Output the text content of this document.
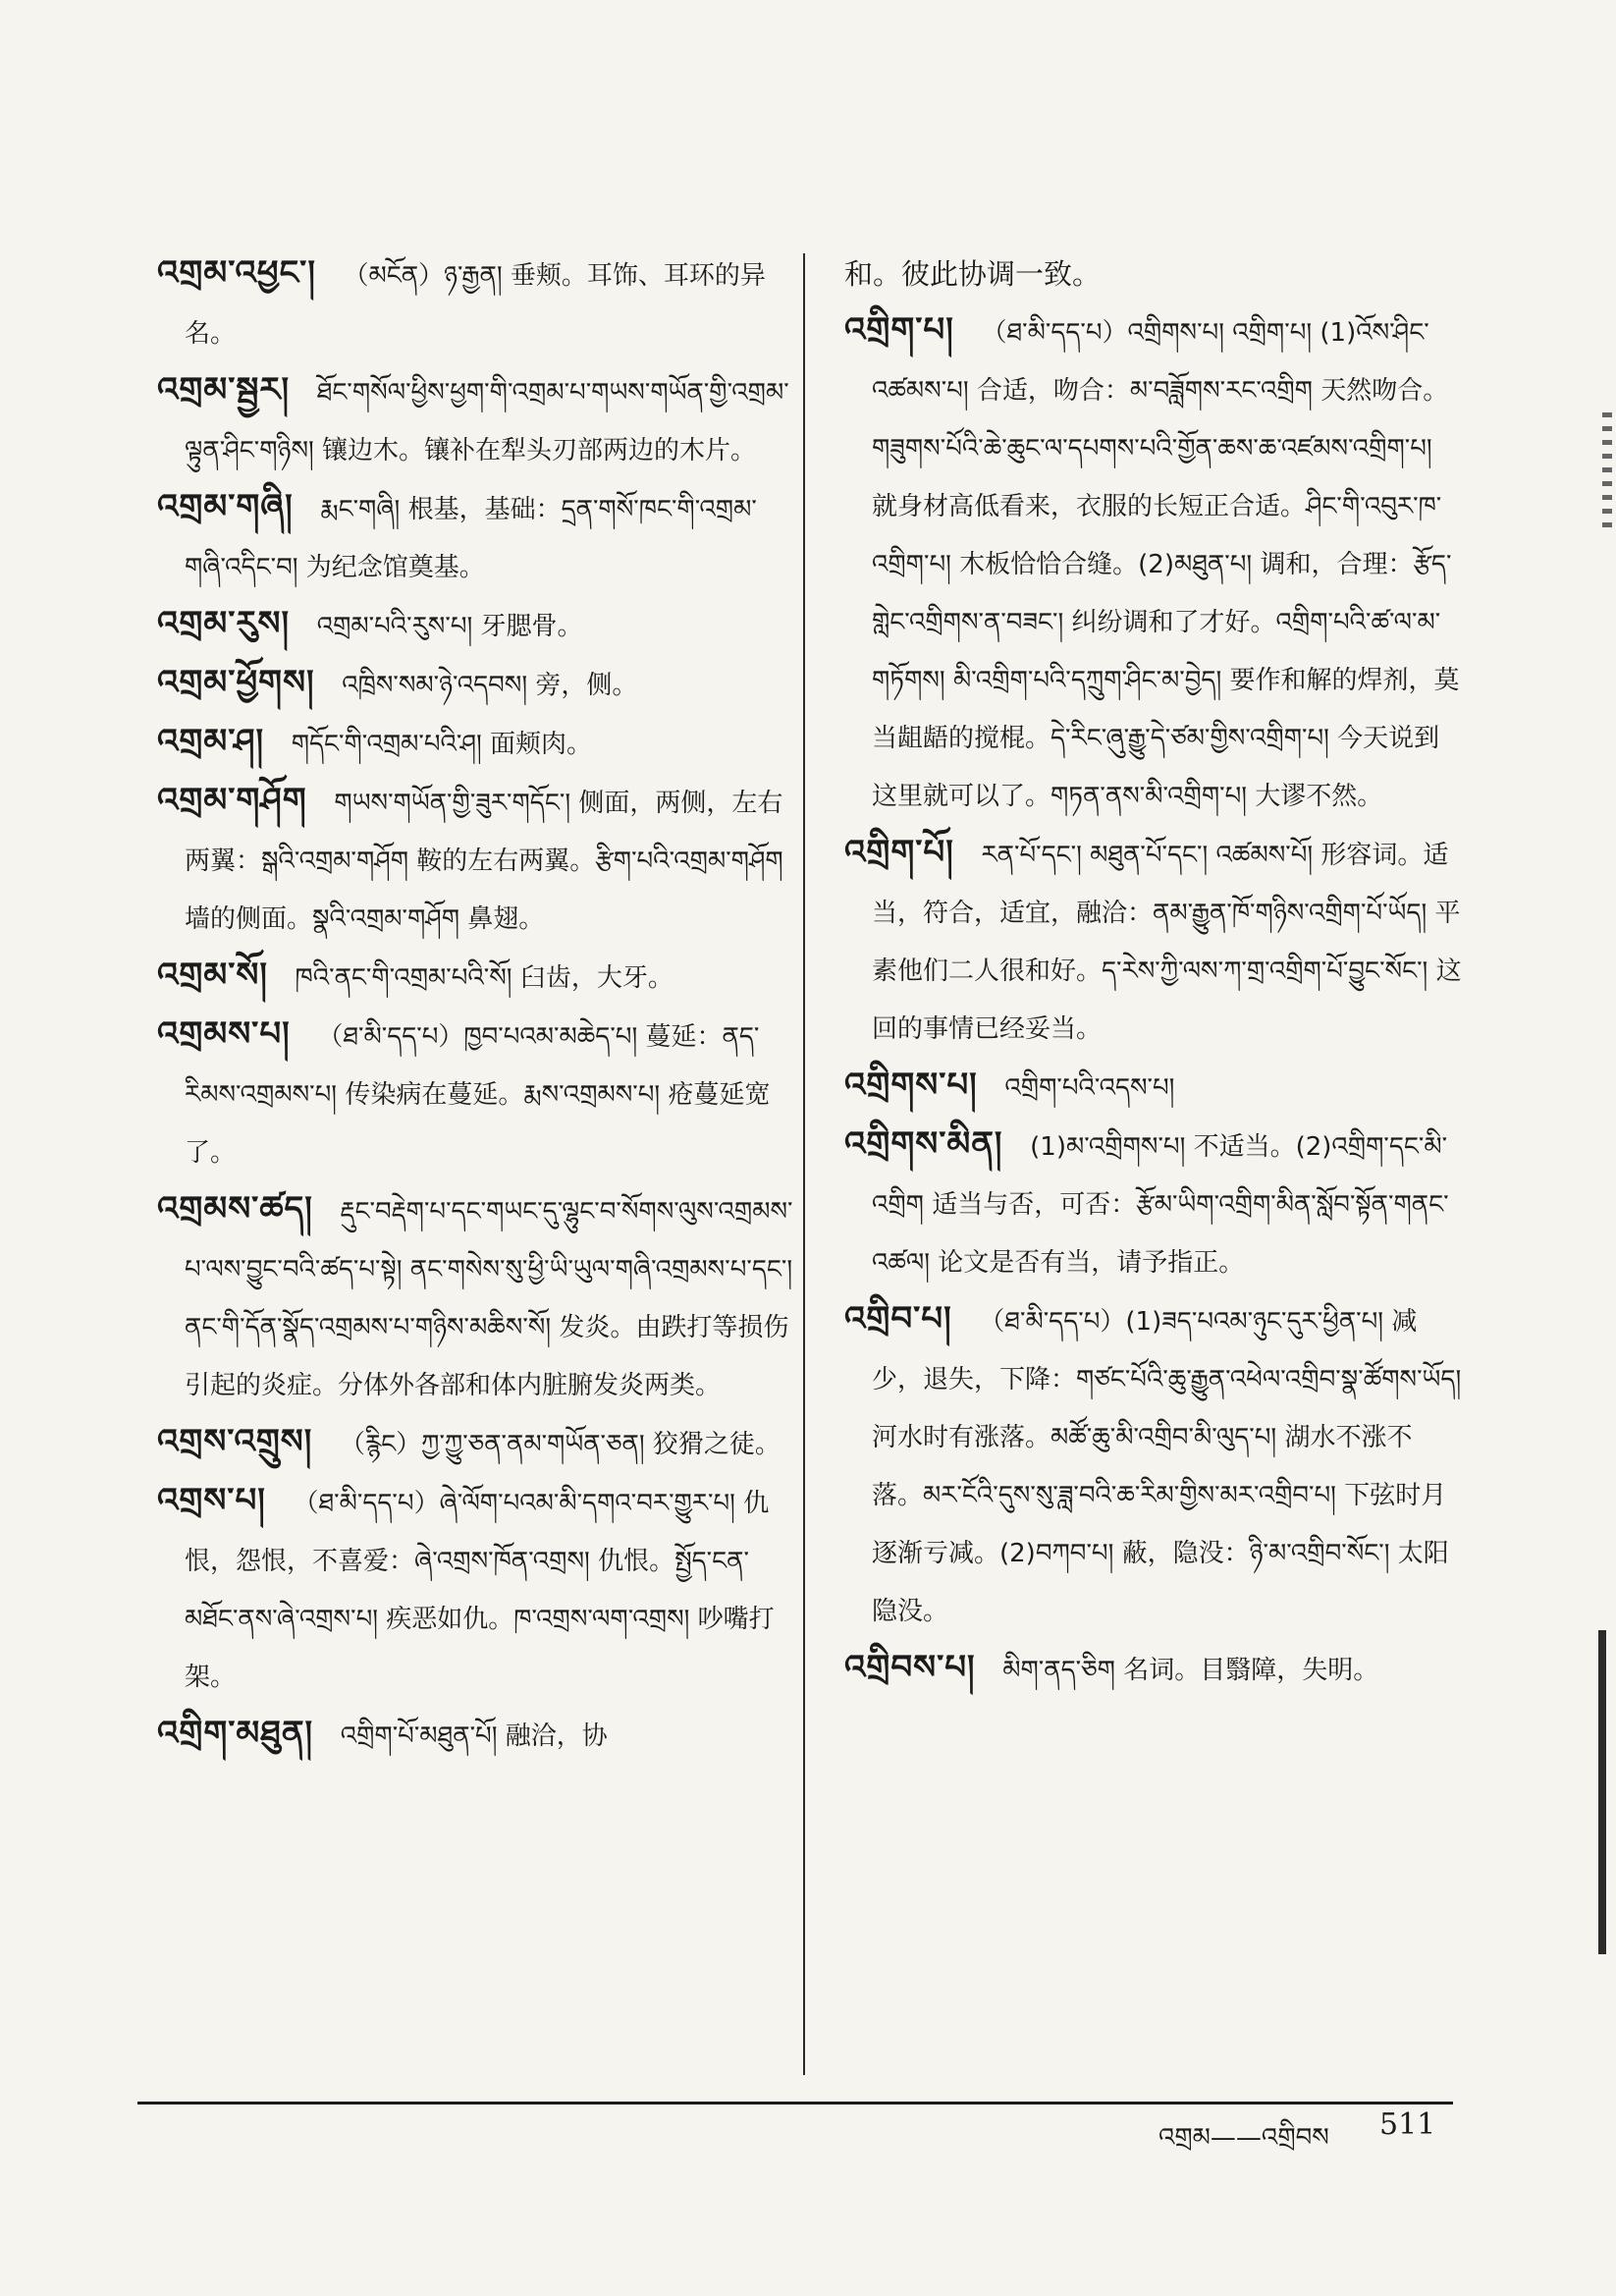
འགྲམ་འཕྱང་། （མངོན）ཉ་རྒྱན། 垂颊。耳饰、耳环的异名。

འགྲམ་སྦྱར། ཐོང་གསོལ་ཕྱིས་ཕྱག་གི་འགྲམ་པ་གཡས་གཡོན་གྱི་འགྲམ་ལྟུན་ཤིང་གཉིས། 镶边木。镶补在犁头刃部两边的木片。

འགྲམ་གཞི། རྨང་གཞི། 根基，基础：དྲན་གསོ་ཁང་གི་འགྲམ་གཞི་འདིང་བ། 为纪念馆奠基。

འགྲམ་རུས། འགྲམ་པའི་རུས་པ། 牙腮骨。

འགྲམ་ཕྱོགས། འཁྲིས་སམ་ཉེ་འདབས། 旁，侧。

འགྲམ་ཤ། གདོང་གི་འགྲམ་པའི་ཤ། 面颊肉。

འགྲམ་གཤོག གཡས་གཡོན་གྱི་ཟུར་གདོང་། 侧面，两侧，左右两翼：སྒའི་འགྲམ་གཤོག 鞍的左右两翼。རྩིག་པའི་འགྲམ་གཤོག 墙的侧面。སྣའི་འགྲམ་གཤོག 鼻翅。

འགྲམ་སོ། ཁའི་ནང་གི་འགྲམ་པའི་སོ། 臼齿，大牙。

འགྲམས་པ། （ཐ་མི་དད་པ）ཁྱབ་པའམ་མཆེད་པ། 蔓延：ནད་རིམས་འགྲམས་པ། 传染病在蔓延。རྨས་འགྲམས་པ། 疮蔓延宽了。

འགྲམས་ཚད། རྡུང་བརྡེག་པ་དང་གཡང་དུ་ལྷུང་བ་སོགས་ལུས་འགྲམས་པ་ལས་བྱུང་བའི་ཚད་པ་སྟེ། ནང་གསེས་སུ་ཕྱི་ཡི་ཡུལ་གཞི་འགྲམས་པ་དང་། ནང་གི་དོན་སྣོད་འགྲམས་པ་གཉིས་མཆིས་སོ། 发炎。由跌打等损伤引起的炎症。分体外各部和体内脏腑发炎两类。

འགྲས་འགྲུས། （རྙིང）ཀྱ་ཀྱུ་ཅན་ནམ་གཡོན་ཅན། 狡猾之徒。

འགྲས་པ། （ཐ་མི་དད་པ）ཞེ་ལོག་པའམ་མི་དགའ་བར་གྱུར་པ། 仇恨，怨恨，不喜爱：ཞེ་འགྲས་ཁོན་འགྲས། 仇恨。སྤྱོད་ངན་མཐོང་ནས་ཞེ་འགྲས་པ། 疾恶如仇。ཁ་འགྲས་ལག་འགྲས། 吵嘴打架。

འགྲིག་མཐུན། འགྲིག་པོ་མཐུན་པོ། 融洽，协

和。彼此协调一致。

འགྲིག་པ། （ཐ་མི་དད་པ）འགྲིགས་པ། འགྲིག་པ། (1)འོས་ཤིང་འཚམས་པ། 合适，吻合：མ་བཟློགས་རང་འགྲིག 天然吻合。གཟུགས་པོའི་ཆེ་ཆུང་ལ་དཔགས་པའི་གྱོན་ཆས་ཆ་འཛམས་འགྲིག་པ། 就身材高低看来，衣服的长短正合适。ཤིང་གི་འབུར་ཁ་འགྲིག་པ། 木板恰恰合缝。(2)མཐུན་པ། 调和，合理：རྩོད་གླེང་འགྲིགས་ན་བཟང་། 纠纷调和了才好。འགྲིག་པའི་ཚ་ལ་མ་གཏོགས། མི་འགྲིག་པའི་དཀྲུག་ཤིང་མ་བྱེད། 要作和解的焊剂，莫当龃龉的搅棍。དེ་རིང་ཞུ་རྒྱུ་དེ་ཙམ་གྱིས་འགྲིག་པ། 今天说到这里就可以了。གཏན་ནས་མི་འགྲིག་པ། 大谬不然。

འགྲིག་པོ། རན་པོ་དང་། མཐུན་པོ་དང་། འཚམས་པོ། 形容词。适当，符合，适宜，融洽：ནམ་རྒྱུན་ཁོ་གཉིས་འགྲིག་པོ་ཡོད། 平素他们二人很和好。ད་རེས་ཀྱི་ལས་ཀ་གྲ་འགྲིག་པོ་བྱུང་སོང་། 这回的事情已经妥当。

འགྲིགས་པ། འགྲིག་པའི་འདས་པ།

འགྲིགས་མིན། (1)མ་འགྲིགས་པ། 不适当。(2)འགྲིག་དང་མི་འགྲིག 适当与否，可否：རྩོམ་ཡིག་འགྲིག་མིན་སློབ་སྟོན་གནང་འཚལ། 论文是否有当，请予指正。

འགྲིབ་པ། （ཐ་མི་དད་པ）(1)ཟད་པའམ་ཉུང་དུར་ཕྱིན་པ། 减少，退失，下降：གཙང་པོའི་ཆུ་རྒྱུན་འཕེལ་འགྲིབ་སྣ་ཚོགས་ཡོད། 河水时有涨落。མཚོ་ཆུ་མི་འགྲིབ་མི་ལུད་པ། 湖水不涨不落。མར་ངོའི་དུས་སུ་ཟླ་བའི་ཆ་རིམ་གྱིས་མར་འགྲིབ་པ། 下弦时月逐渐亏减。(2)བཀབ་པ། 蔽，隐没：ཉི་མ་འགྲིབ་སོང་། 太阳隐没。

འགྲིབས་པ། མིག་ནད་ཅིག 名词。目翳障，失明。

འགྲམ——འགྲིབས 511
